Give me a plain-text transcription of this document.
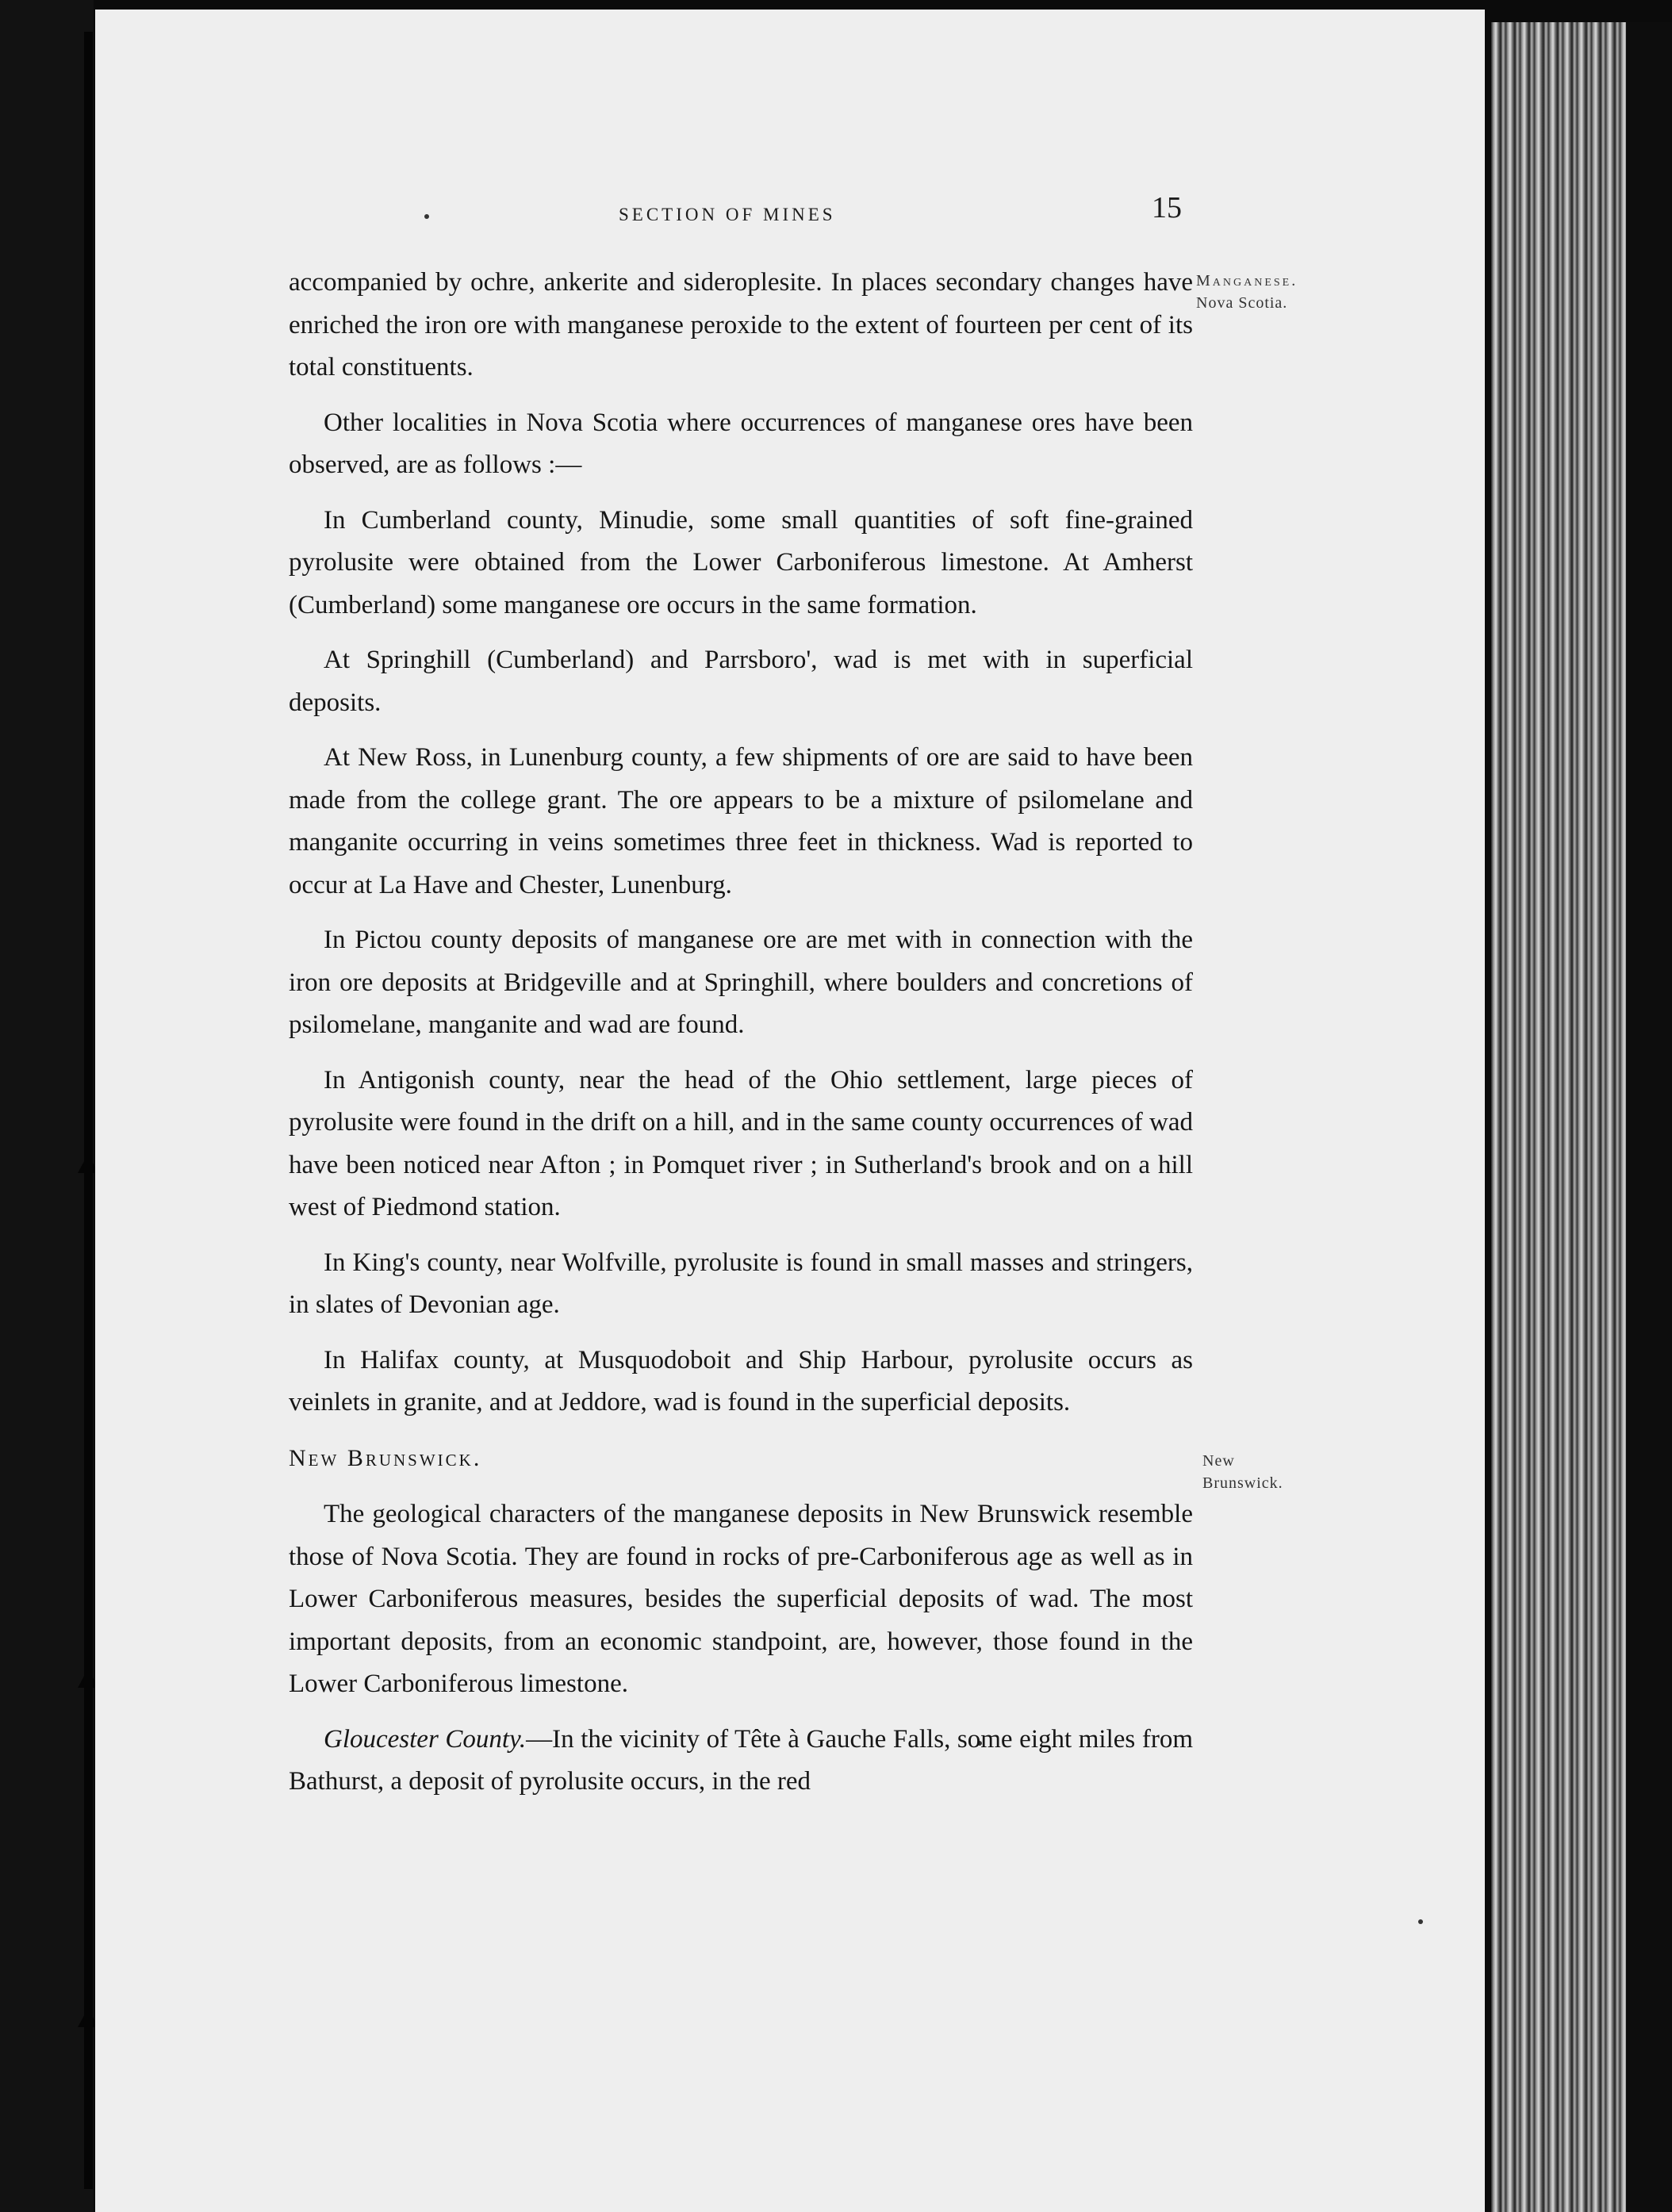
SECTION OF MINES	15
Manganese.
Nova Scotia.
New
Brunswick.

accompanied by ochre, ankerite and sideroplesite. In places secondary changes have enriched the iron ore with manganese peroxide to the extent of fourteen per cent of its total constituents.

Other localities in Nova Scotia where occurrences of manganese ores have been observed, are as follows :—

In Cumberland county, Minudie, some small quantities of soft fine-grained pyrolusite were obtained from the Lower Carboniferous limestone. At Amherst (Cumberland) some manganese ore occurs in the same formation.

At Springhill (Cumberland) and Parrsboro', wad is met with in superficial deposits.

At New Ross, in Lunenburg county, a few shipments of ore are said to have been made from the college grant. The ore appears to be a mixture of psilomelane and manganite occurring in veins sometimes three feet in thickness. Wad is reported to occur at La Have and Chester, Lunenburg.

In Pictou county deposits of manganese ore are met with in connection with the iron ore deposits at Bridgeville and at Springhill, where boulders and concretions of psilomelane, manganite and wad are found.

In Antigonish county, near the head of the Ohio settlement, large pieces of pyrolusite were found in the drift on a hill, and in the same county occurrences of wad have been noticed near Afton ; in Pomquet river ; in Sutherland's brook and on a hill west of Piedmond station.

In King's county, near Wolfville, pyrolusite is found in small masses and stringers, in slates of Devonian age.

In Halifax county, at Musquodoboit and Ship Harbour, pyrolusite occurs as veinlets in granite, and at Jeddore, wad is found in the superficial deposits.

New Brunswick.

The geological characters of the manganese deposits in New Brunswick resemble those of Nova Scotia. They are found in rocks of pre-Carboniferous age as well as in Lower Carboniferous measures, besides the superficial deposits of wad. The most important deposits, from an economic standpoint, are, however, those found in the Lower Carboniferous limestone.

Gloucester County.—In the vicinity of Tête à Gauche Falls, some eight miles from Bathurst, a deposit of pyrolusite occurs, in the red
